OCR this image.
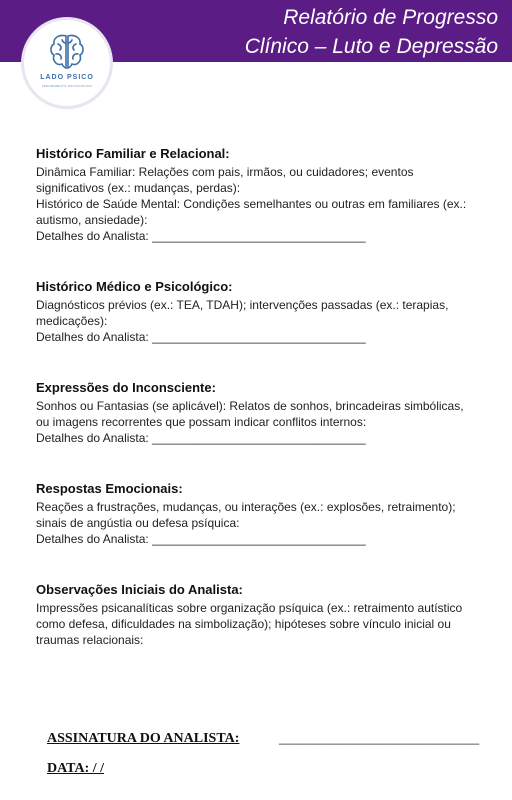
Relatório de Progresso
Clínico – Luto e Depressão
LADO PSICO
ATENDIMENTO PSICOLÓGICO
Histórico Familiar e Relacional:

Dinâmica Familiar: Relações com pais, irmãos, ou cuidadores; eventos significativos (ex.: mudanças, perdas):

Histórico de Saúde Mental: Condições semelhantes ou outras em familiares (ex.: autismo, ansiedade):

Detalhes do Analista: ________________________________
Histórico Médico e Psicológico:

Diagnósticos prévios (ex.: TEA, TDAH); intervenções passadas (ex.: terapias, medicações):

Detalhes do Analista: ________________________________
Expressões do Inconsciente:

Sonhos ou Fantasias (se aplicável): Relatos de sonhos, brincadeiras simbólicas, ou imagens recorrentes que possam indicar conflitos internos:

Detalhes do Analista: ________________________________
Respostas Emocionais:

Reações a frustrações, mudanças, ou interações (ex.: explosões, retraimento); sinais de angústia ou defesa psíquica:

Detalhes do Analista: ________________________________
Observações Iniciais do Analista:

Impressões psicanalíticas sobre organização psíquica (ex.: retraimento autístico como defesa, dificuldades na simbolização); hipóteses sobre vínculo inicial ou traumas relacionais:

ASSINATURA DO ANALISTA:	______________________________
DATA: / /
